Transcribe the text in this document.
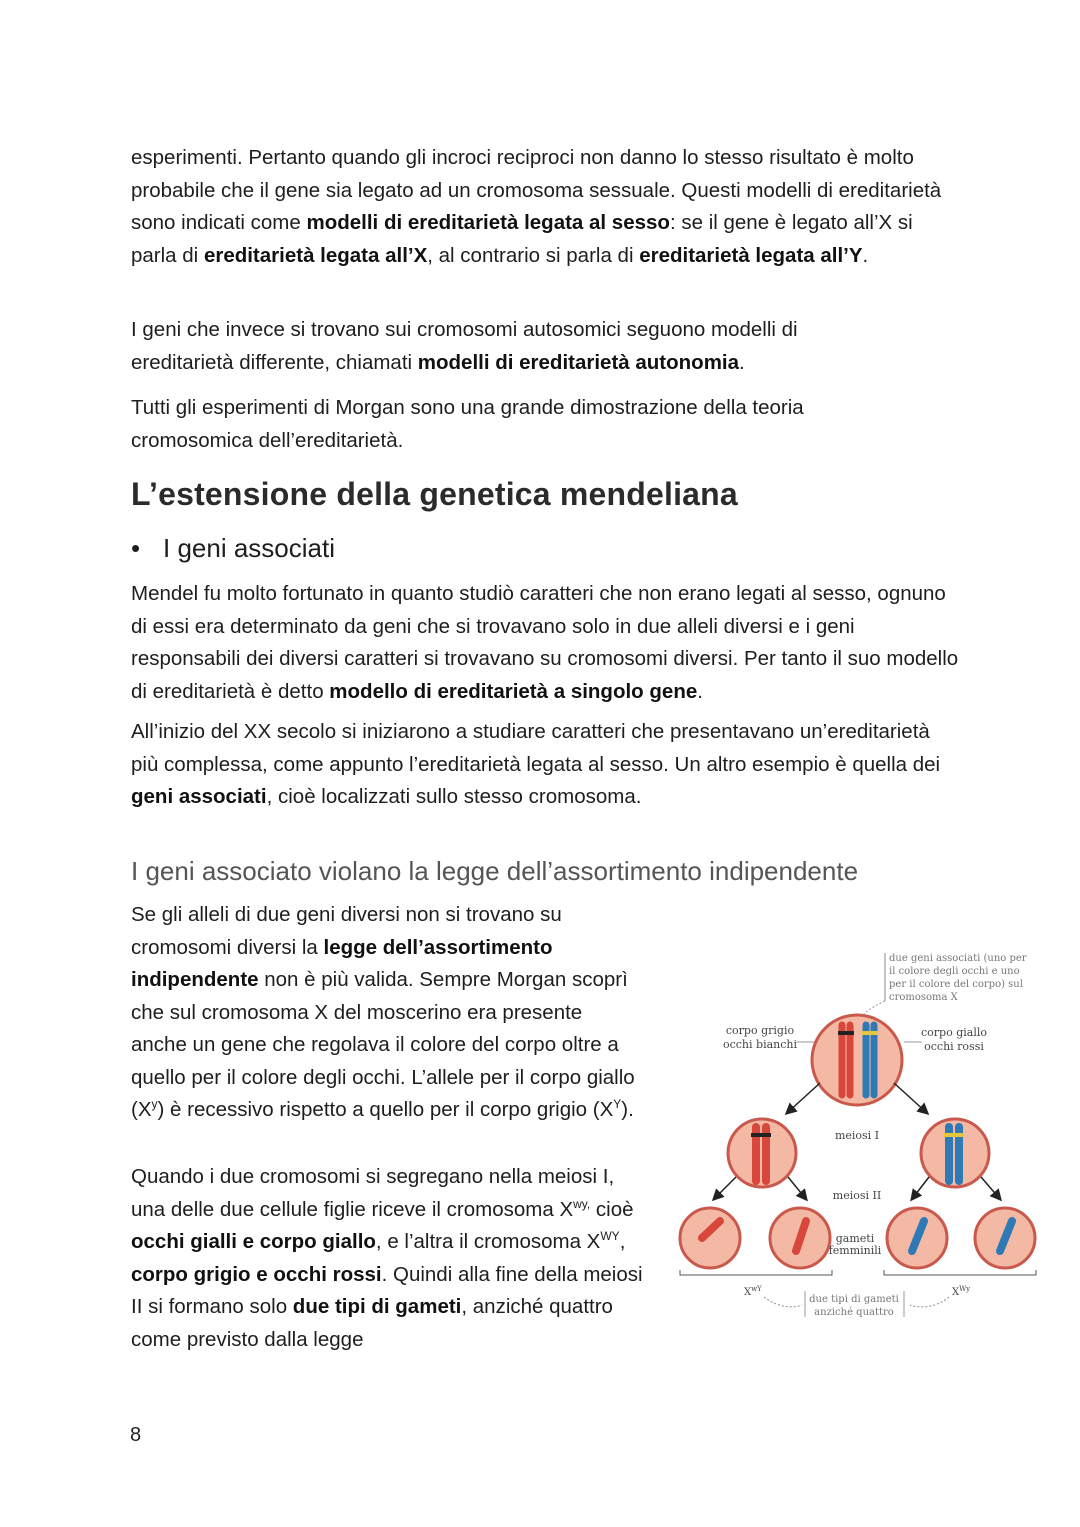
esperimenti. Pertanto quando gli incroci reciproci non danno lo stesso risultato è molto probabile che il gene sia legato ad un cromosoma sessuale. Questi modelli di ereditarietà sono indicati come modelli di ereditarietà legata al sesso: se il gene è legato all’X si parla di ereditarietà legata all’X, al contrario si parla di ereditarietà legata all’Y.

I geni che invece si trovano sui cromosomi autosomici seguono modelli di ereditarietà differente, chiamati modelli di ereditarietà autonomia.

Tutti gli esperimenti di Morgan sono una grande dimostrazione della teoria cromosomica dell’ereditarietà.

L’estensione della genetica mendeliana
• I geni associati

Mendel fu molto fortunato in quanto studiò caratteri che non erano legati al sesso, ognuno di essi era determinato da geni che si trovavano solo in due alleli diversi e i geni responsabili dei diversi caratteri si trovavano su cromosomi diversi. Per tanto il suo modello di ereditarietà è detto modello di ereditarietà a singolo gene.

All’inizio del XX secolo si iniziarono a studiare caratteri che presentavano un’ereditarietà più complessa, come appunto l’ereditarietà legata al sesso. Un altro esempio è quella dei geni associati, cioè localizzati sullo stesso cromosoma.

I geni associato violano la legge dell’assortimento indipendente

Se gli alleli di due geni diversi non si trovano su cromosomi diversi la legge dell’assortimento indipendente non è più valida. Sempre Morgan scoprì che sul cromosoma X del moscerino era presente anche un gene che regolava il colore del corpo oltre a quello per il colore degli occhi. L’allele per il corpo giallo $(X^y)$ è recessivo rispetto a quello per il corpo grigio $(X^Y)$.

Quando i due cromosomi si segregano nella meiosi I, una delle due cellule figlie riceve il cromosoma $X^{wy,}$ cioè occhi gialli e corpo giallo, e l’altra il cromosoma $X^{WY}$, corpo grigio e occhi rossi. Quindi alla fine della meiosi II si formano solo due tipi di gameti, anziché quattro come previsto dalla legge

due geni associati (uno per
il colore degli occhi e uno
per il colore del corpo) sul
cromosoma X
corpo grigio
occhi bianchi
corpo giallo
occhi rossi
meiosi I
meiosi II
gameti
femminili
$X^{wY}$	$X^{Wy}$
due tipi di gameti
anziché quattro
8
